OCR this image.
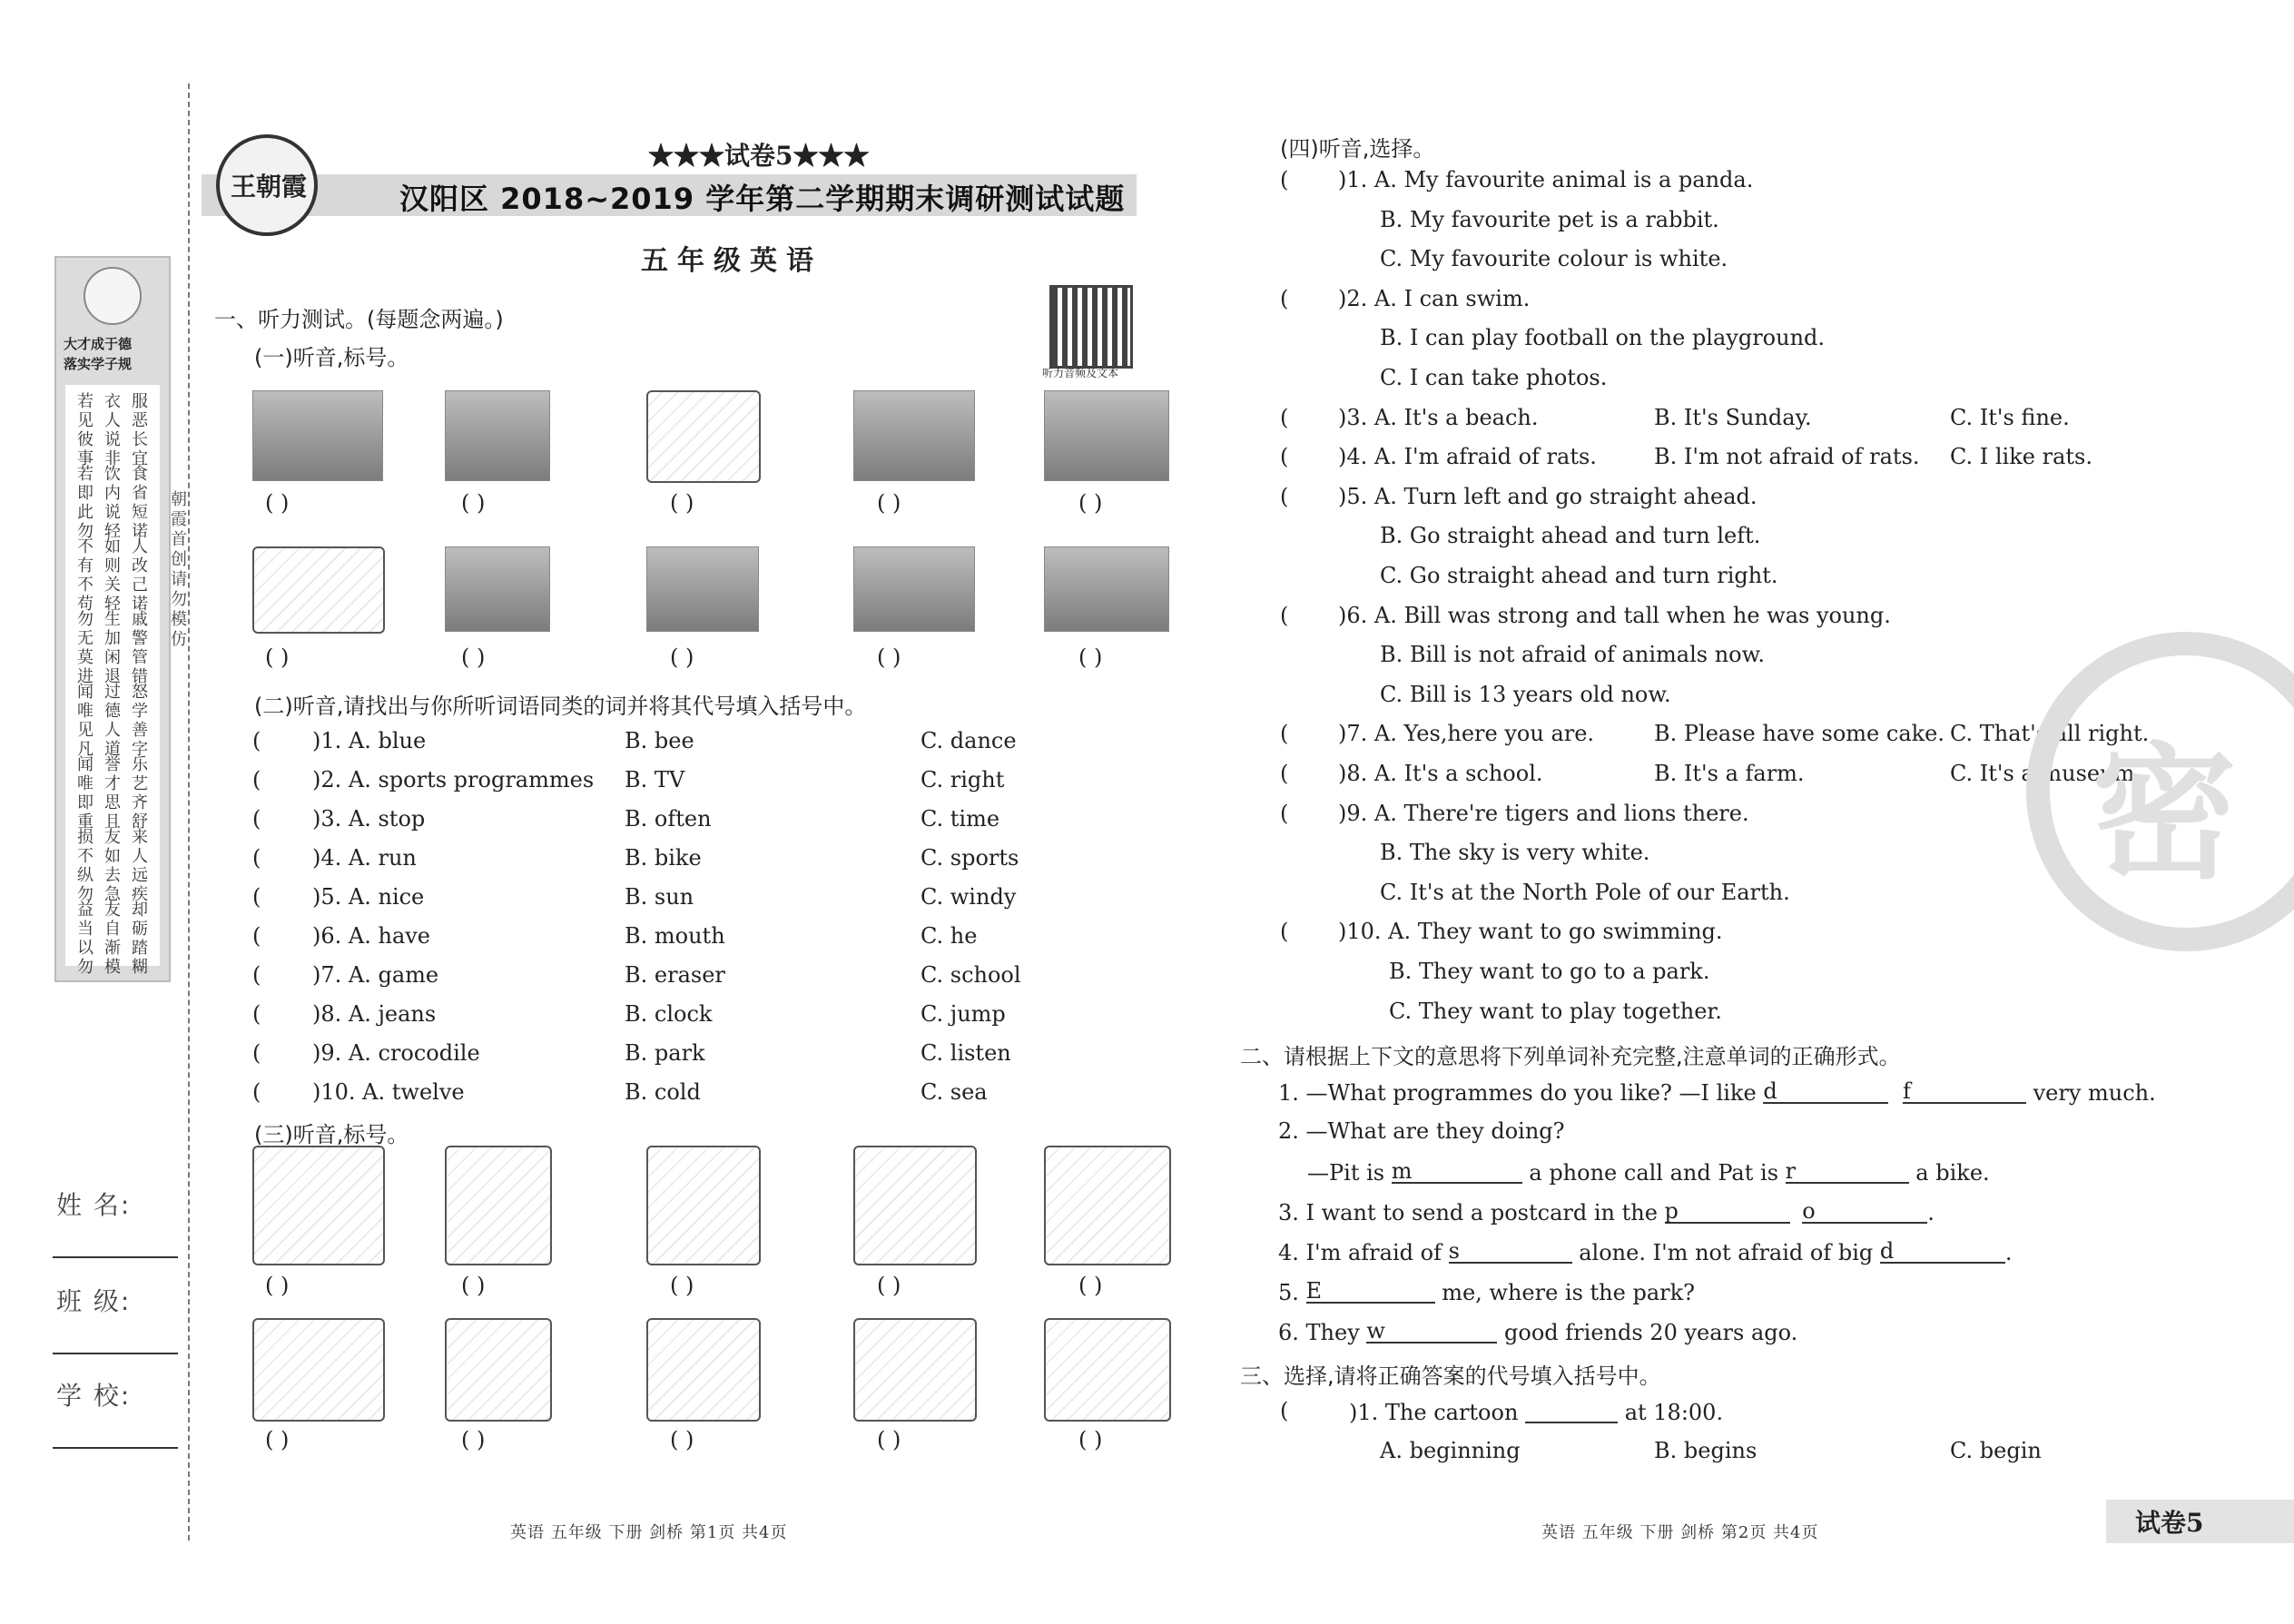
大才成于德
落实学子规
若见彼事
衣人说非
服恶长宜
若即此勿
饮内说轻
食省短诺
不有不苟
如则关轻
人改己诺
勿无莫进
生加闲退
戚警管错
闻唯见凡
过德人道
怒学善字
闻唯即重
誉才思且
乐艺齐舒
损不纵勿
友如去急
来人远疾
益当以勿
友自渐模
却砺踏糊
朝霞首创 请勿模仿
姓 名:
班 级:
学 校:
王朝霞
★★★试卷5★★★
汉阳区 2018~2019 学年第二学期期末调研测试试题
五年级英语
听力音频及文本
一、听力测试。(每题念两遍。)
(一)听音,标号。
( )	( )	( )	( )	( )
( )	( )	( )	( )	( )
( )	( )	( )	( )	( )
( )	( )	( )	( )	( )
(二)听音,请找出与你所听词语同类的词并将其代号填入括号中。
( )1. A. blue	B. bee	C. dance
( )2. A. sports programmes B. TV	C. right
( )3. A. stop	B. often	C. time
( )4. A. run	B. bike	C. sports
( )5. A. nice	B. sun	C. windy
( )6. A. have	B. mouth	C. he
( )7. A. game	B. eraser	C. school
( )8. A. jeans	B. clock	C. jump
( )9. A. crocodile	B. park	C. listen
( )10. A. twelve	B. cold	C. sea
(三)听音,标号。
(四)听音,选择。
( )1. A. My favourite animal is a panda.
B. My favourite pet is a rabbit.
C. My favourite colour is white.
( )2. A. I can swim.
B. I can play football on the playground.
C. I can take photos.
( )3. A. It's a beach.	B. It's Sunday.	C. It's fine.
( )4. A. I'm afraid of rats.	B. I'm not afraid of rats. C. I like rats.
( )5. A. Turn left and go straight ahead.
B. Go straight ahead and turn left.
C. Go straight ahead and turn right.
( )6. A. Bill was strong and tall when he was young.
B. Bill is not afraid of animals now.
C. Bill is 13 years old now.
( )7. A. Yes,here you are.	B. Please have some cake. C. That's all right.
( )8. A. It's a school.	B. It's a farm.	C. It's a museum.
( )9. A. There're tigers and lions there.
B. The sky is very white.
C. It's at the North Pole of our Earth.
( )10. A. They want to go swimming.
B. They want to go to a park.
C. They want to play together.
二、请根据上下文的意思将下列单词补充完整,注意单词的正确形式。
1. —What programmes do you like? —I like d	f	very much.
2. —What are they doing?
—Pit is m	a phone call and Pat is r	a bike.
3. I want to send a postcard in the p	o	.
4. I'm afraid of s	alone. I'm not afraid of big d	.
5. E	me, where is the park?
6. They w	good friends 20 years ago.
三、选择,请将正确答案的代号填入括号中。
(	)1. The cartoon	at 18:00.
A. beginning	B. begins	C. begin
密
英语 五年级 下册 剑桥 第1页 共4页	英语 五年级 下册 剑桥 第2页 共4页	试卷5
